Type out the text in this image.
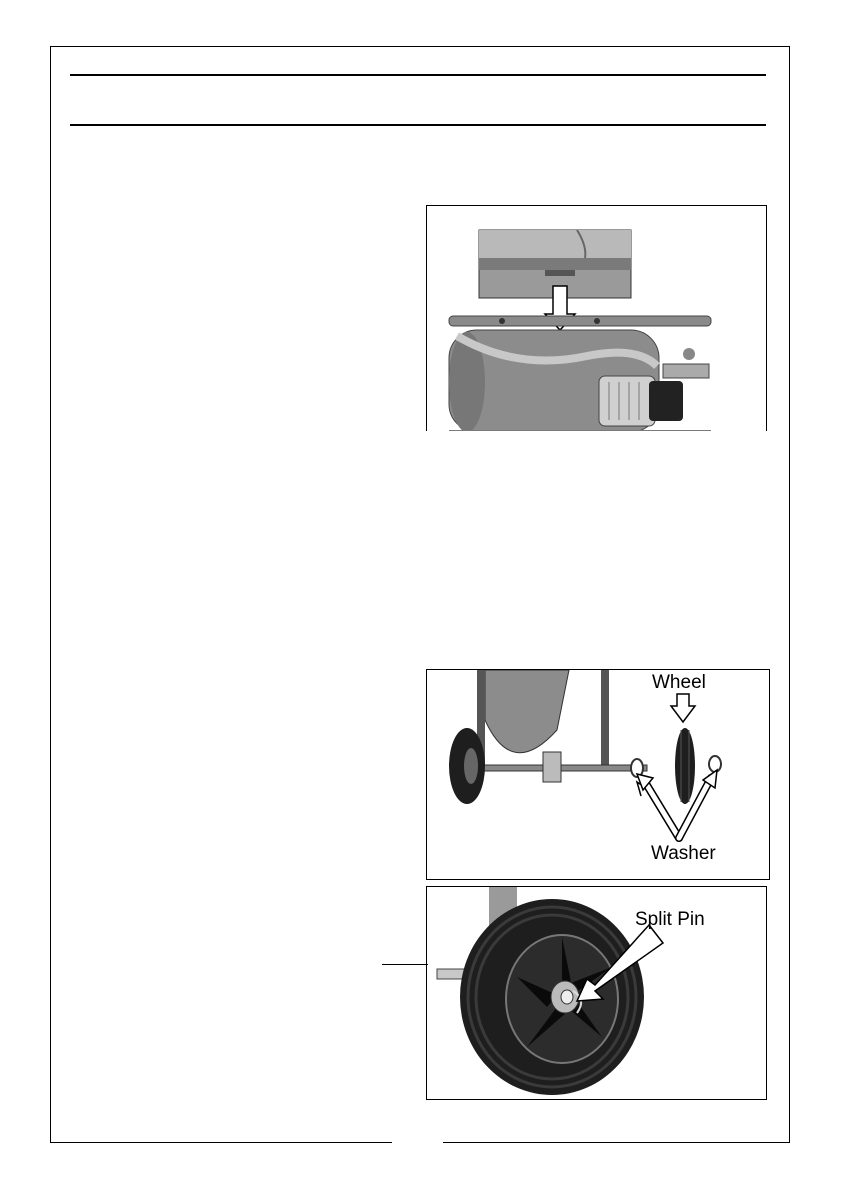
Wheel
Washer
Split Pin
